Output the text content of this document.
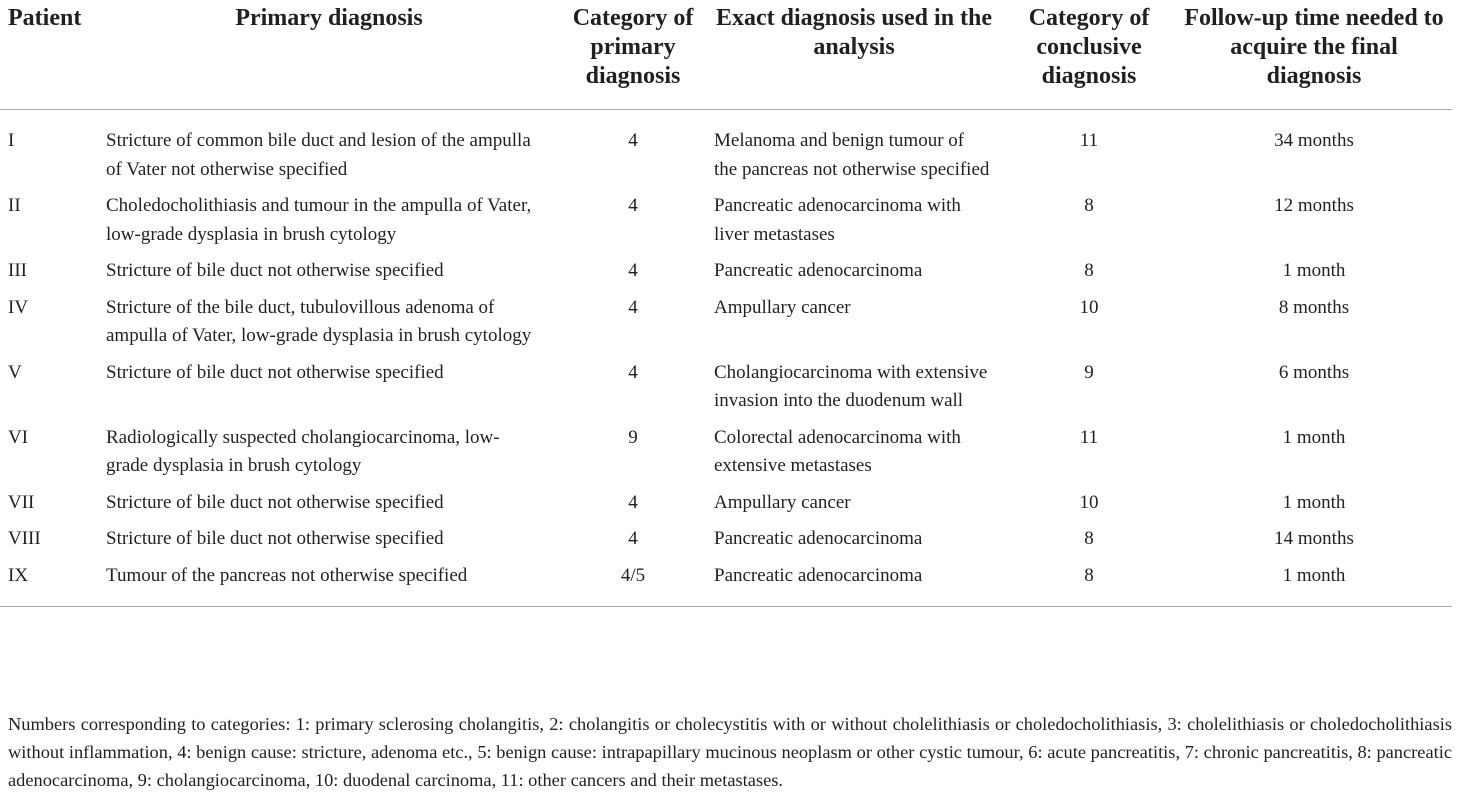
Patient	Primary diagnosis	Category of primary diagnosis	Exact diagnosis used in the analysis	Category of conclusive diagnosis	Follow-up time needed to acquire the final diagnosis
I	Stricture of common bile duct and lesion of the ampulla of Vater not otherwise specified	4	Melanoma and benign tumour of the pancreas not otherwise specified	11	34 months
II	Choledocholithiasis and tumour in the ampulla of Vater, low-grade dysplasia in brush cytology	4	Pancreatic adenocarcinoma with liver metastases	8	12 months
III	Stricture of bile duct not otherwise specified	4	Pancreatic adenocarcinoma	8	1 month
IV	Stricture of the bile duct, tubulovillous adenoma of ampulla of Vater, low-grade dysplasia in brush cytology	4	Ampullary cancer	10	8 months
V	Stricture of bile duct not otherwise specified	4	Cholangiocarcinoma with extensive invasion into the duodenum wall	9	6 months
VI	Radiologically suspected cholangiocarcinoma, low-grade dysplasia in brush cytology	9	Colorectal adenocarcinoma with extensive metastases	11	1 month
VII	Stricture of bile duct not otherwise specified	4	Ampullary cancer	10	1 month
VIII	Stricture of bile duct not otherwise specified	4	Pancreatic adenocarcinoma	8	14 months
IX	Tumour of the pancreas not otherwise specified	4/5	Pancreatic adenocarcinoma	8	1 month
Numbers corresponding to categories: 1: primary sclerosing cholangitis, 2: cholangitis or cholecystitis with or without cholelithiasis or choledocholithiasis, 3: cholelithiasis or choledocholithiasis without inflammation, 4: benign cause: stricture, adenoma etc., 5: benign cause: intrapapillary mucinous neoplasm or other cystic tumour, 6: acute pancreatitis, 7: chronic pancreatitis, 8: pancreatic adenocarcinoma, 9: cholangiocarcinoma, 10: duodenal carcinoma, 11: other cancers and their metastases.
